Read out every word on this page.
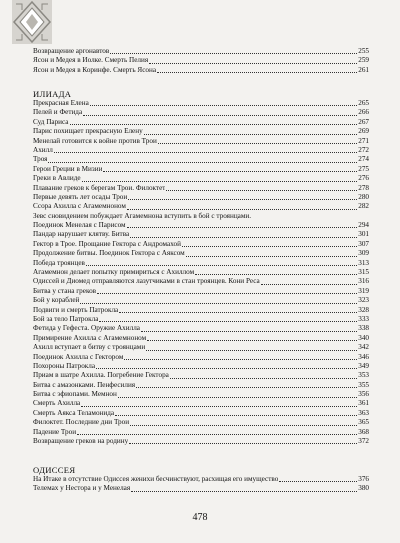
Возвращение аргонавтов	255
Ясон и Медея в Иолке. Смерть Пелия	259
Ясон и Медея в Коринфе. Смерть Ясона	261
ИЛИАДА
Прекрасная Елена	265
Пелей и Фетида	266
Суд Париса	267
Парис похищает прекрасную Елену	269
Менелай готовится к войне против Трои	271
Ахилл	272
Троя	274
Герои Греции в Мизии	275
Греки в Авлиде	276
Плавание греков к берегам Трои. Филоктет	278
Первые девять лет осады Трои	280
Ссора Ахилла с Агамемноном	282
Зевс сновидением побуждает Агамемнона вступить в бой с троянцами.
Поединок Менелая с Парисом	294
Пандар нарушает клятву. Битва	301
Гектор в Трое. Прощание Гектора с Андромахой	307
Продолжение битвы. Поединок Гектора с Аяксом	309
Победа троянцев	313
Агамемнон делает попытку примириться с Ахиллом	315
Одиссей и Диомед отправляются лазутчиками в стан троянцев. Кони Реса	316
Битва у стана греков	319
Бой у кораблей	323
Подвиги и смерть Патрокла	328
Бой за тело Патрокла	333
Фетида у Гефеста. Оружие Ахилла	338
Примирение Ахилла с Агамемноном	340
Ахилл вступает в битву с троянцами	342
Поединок Ахилла с Гектором	346
Похороны Патрокла	349
Приам в шатре Ахилла. Погребение Гектора	353
Битва с амазонками. Пенфесилия	355
Битва с эфиопами. Мемнон	356
Смерть Ахилла	361
Смерть Аякса Теламонида	363
Филоктет. Последние дни Трои	365
Падение Трои	368
Возвращение греков на родину	372
ОДИССЕЯ
На Итаке в отсутствие Одиссея женихи бесчинствуют, расхищая его имущество	376
Телемах у Нестора и у Менелая	380
478
